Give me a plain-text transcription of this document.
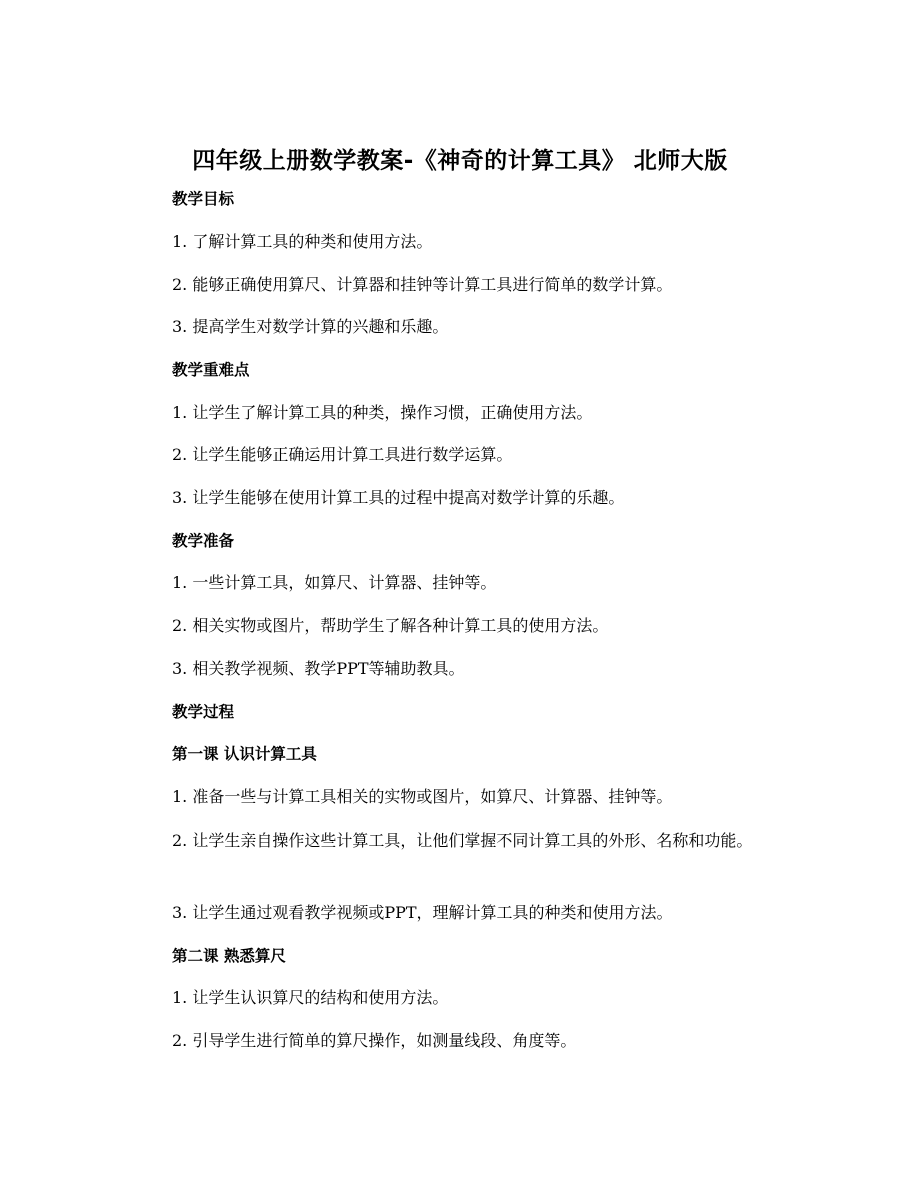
四年级上册数学教案-《神奇的计算工具》 北师大版
教学目标
1. 了解计算工具的种类和使用方法。
2. 能够正确使用算尺、计算器和挂钟等计算工具进行简单的数学计算。
3. 提高学生对数学计算的兴趣和乐趣。
教学重难点
1. 让学生了解计算工具的种类，操作习惯，正确使用方法。
2. 让学生能够正确运用计算工具进行数学运算。
3. 让学生能够在使用计算工具的过程中提高对数学计算的乐趣。
教学准备
1. 一些计算工具，如算尺、计算器、挂钟等。
2. 相关实物或图片，帮助学生了解各种计算工具的使用方法。
3. 相关教学视频、教学PPT等辅助教具。
教学过程
第一课 认识计算工具
1. 准备一些与计算工具相关的实物或图片，如算尺、计算器、挂钟等。
2. 让学生亲自操作这些计算工具，让他们掌握不同计算工具的外形、名称和功能。
3. 让学生通过观看教学视频或PPT，理解计算工具的种类和使用方法。
第二课 熟悉算尺
1. 让学生认识算尺的结构和使用方法。
2. 引导学生进行简单的算尺操作，如测量线段、角度等。
